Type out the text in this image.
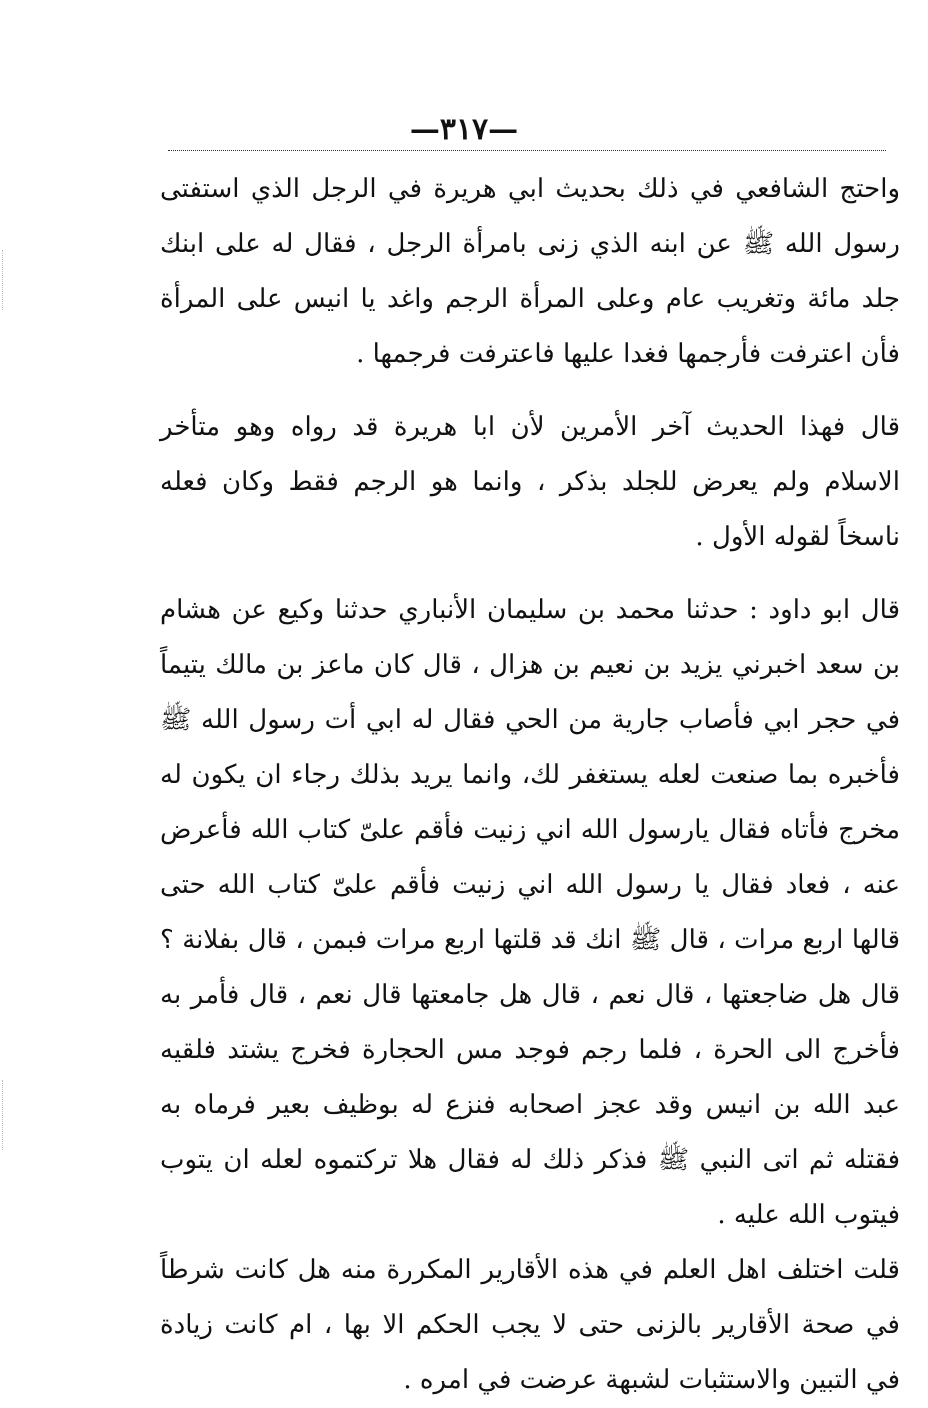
—٣١٧—

واحتج الشافعي في ذلك بحديث ابي هريرة في الرجل الذي استفتى رسول الله ﷺ عن ابنه الذي زنى بامرأة الرجل ، فقال له على ابنك جلد مائة وتغريب عام وعلى المرأة الرجم واغد يا انيس على المرأة فأن اعترفت فأرجمها فغدا عليها فاعترفت فرجمها .

قال فهذا الحديث آخر الأمرين لأن ابا هريرة قد رواه وهو متأخر الاسلام ولم يعرض للجلد بذكر ، وانما هو الرجم فقط وكان فعله ناسخاً لقوله الأول .

قال ابو داود : حدثنا محمد بن سليمان الأنباري حدثنا وكيع عن هشام بن سعد اخبرني يزيد بن نعيم بن هزال ، قال كان ماعز بن مالك يتيماً في حجر ابي فأصاب جارية من الحي فقال له ابي أت رسول الله ﷺ فأخبره بما صنعت لعله يستغفر لك، وانما يريد بذلك رجاء ان يكون له مخرج فأتاه فقال يارسول الله اني زنيت فأقم علىّ كتاب الله فأعرض عنه ، فعاد فقال يا رسول الله اني زنيت فأقم علىّ كتاب الله حتى قالها اربع مرات ، قال ﷺ انك قد قلتها اربع مرات فبمن ، قال بفلانة ؟ قال هل ضاجعتها ، قال نعم ، قال هل جامعتها قال نعم ، قال فأمر به فأخرج الى الحرة ، فلما رجم فوجد مس الحجارة فخرج يشتد فلقيه عبد الله بن انيس وقد عجز اصحابه فنزع له بوظيف بعير فرماه به فقتله ثم اتى النبي ﷺ فذكر ذلك له فقال هلا تركتموه لعله ان يتوب فيتوب الله عليه .

قلت اختلف اهل العلم في هذه الأقارير المكررة منه هل كانت شرطاً في صحة الأقارير بالزنى حتى لا يجب الحكم الا بها ، ام كانت زيادة في التبين والاستثبات لشبهة عرضت في امره .
